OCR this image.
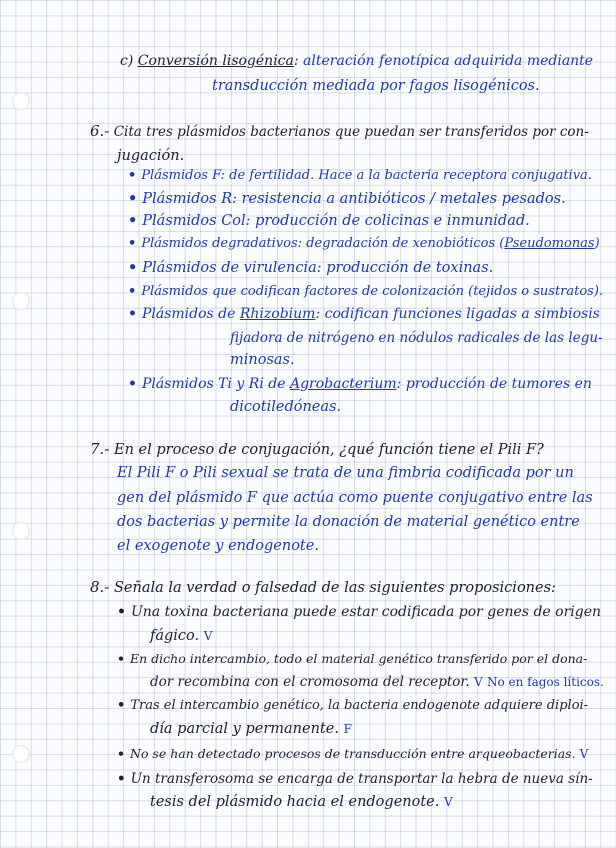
c) Conversión lisogénica: alteración fenotípica adquirida mediante
transducción mediada por fagos lisogénicos.
6.- Cita tres plásmidos bacterianos que puedan ser transferidos por con-
jugación.
• Plásmidos F: de fertilidad. Hace a la bacteria receptora conjugativa.
• Plásmidos R: resistencia a antibióticos / metales pesados.
• Plásmidos Col: producción de colicinas e inmunidad.
• Plásmidos degradativos: degradación de xenobióticos (Pseudomonas)
• Plásmidos de virulencia: producción de toxinas.
• Plásmidos que codifican factores de colonización (tejidos o sustratos).
• Plásmidos de Rhizobium: codifican funciones ligadas a simbiosis
fijadora de nitrógeno en nódulos radicales de las legu-
minosas.
• Plásmidos Ti y Ri de Agrobacterium: producción de tumores en
dicotiledóneas.
7.- En el proceso de conjugación, ¿qué función tiene el Pili F?
El Pili F o Pili sexual se trata de una fimbria codificada por un
gen del plásmido F que actúa como puente conjugativo entre las
dos bacterias y permite la donación de material genético entre
el exogenote y endogenote.
8.- Señala la verdad o falsedad de las siguientes proposiciones:
• Una toxina bacteriana puede estar codificada por genes de origen
fágico. V
• En dicho intercambio, todo el material genético transferido por el dona-
dor recombina con el cromosoma del receptor. V No en fagos líticos.
• Tras el intercambio genético, la bacteria endogenote adquiere diploi-
día parcial y permanente. F
• No se han detectado procesos de transducción entre arqueobacterias. V
• Un transferosoma se encarga de transportar la hebra de nueva sín-
tesis del plásmido hacia el endogenote. V
